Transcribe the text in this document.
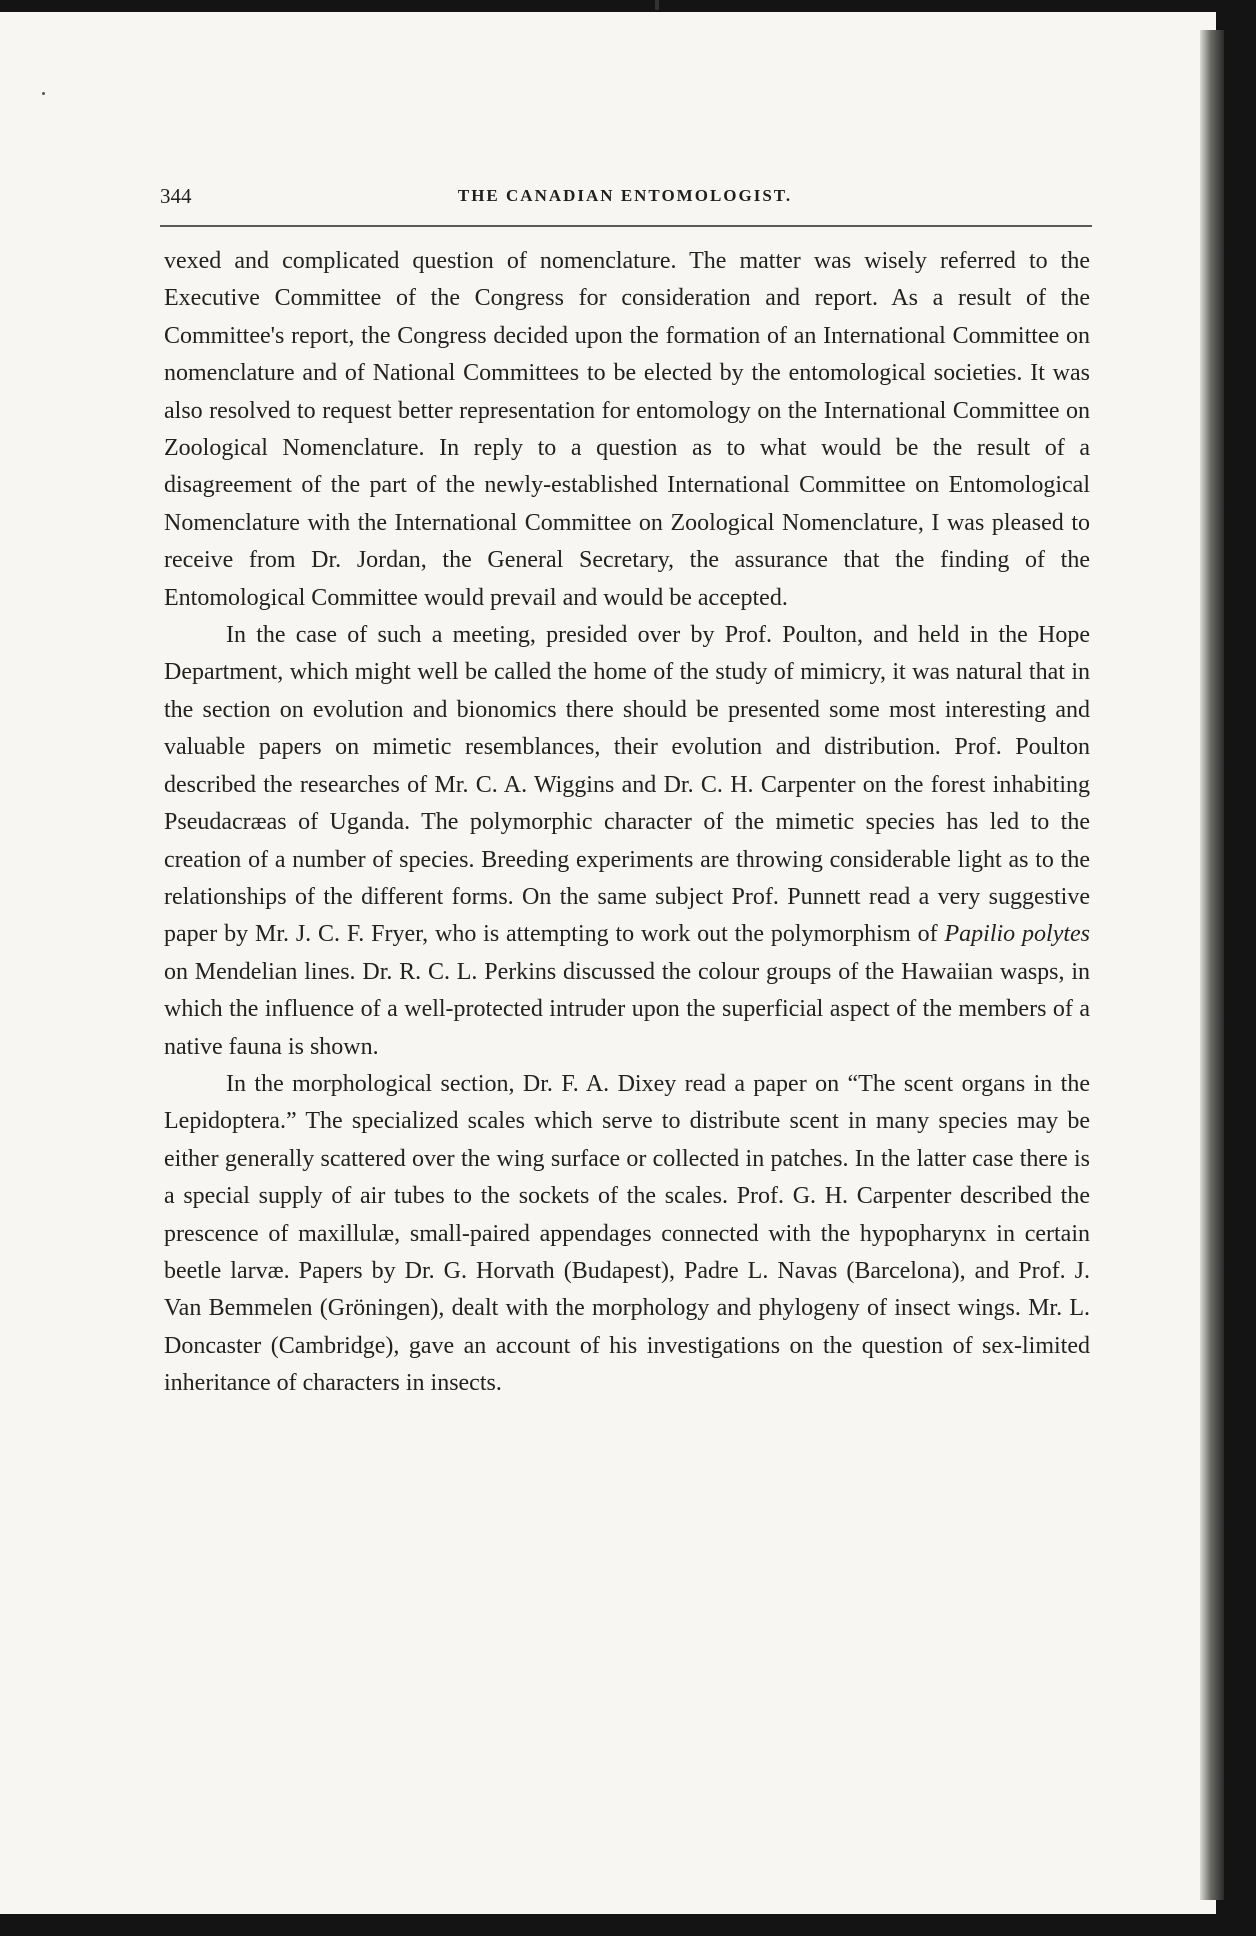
344	THE CANADIAN ENTOMOLOGIST.

vexed and complicated question of nomenclature. The matter was wisely referred to the Executive Committee of the Congress for consideration and report. As a result of the Committee's report, the Congress decided upon the formation of an International Committee on nomenclature and of National Committees to be elected by the entomological societies. It was also resolved to request better representation for entomology on the International Committee on Zoological Nomenclature. In reply to a question as to what would be the result of a disagreement of the part of the newly-established International Committee on Entomological Nomenclature with the International Committee on Zoological Nomenclature, I was pleased to receive from Dr. Jordan, the General Secretary, the assurance that the finding of the Entomological Committee would prevail and would be accepted.

In the case of such a meeting, presided over by Prof. Poulton, and held in the Hope Department, which might well be called the home of the study of mimicry, it was natural that in the section on evolution and bionomics there should be presented some most interesting and valuable papers on mimetic resemblances, their evolution and distribution. Prof. Poulton described the researches of Mr. C. A. Wiggins and Dr. C. H. Carpenter on the forest inhabiting Pseudacræas of Uganda. The polymorphic character of the mimetic species has led to the creation of a number of species. Breeding experiments are throwing considerable light as to the relationships of the different forms. On the same subject Prof. Punnett read a very suggestive paper by Mr. J. C. F. Fryer, who is attempting to work out the polymorphism of Papilio polytes on Mendelian lines. Dr. R. C. L. Perkins discussed the colour groups of the Hawaiian wasps, in which the influence of a well-protected intruder upon the superficial aspect of the members of a native fauna is shown.

In the morphological section, Dr. F. A. Dixey read a paper on “The scent organs in the Lepidoptera.” The specialized scales which serve to distribute scent in many species may be either generally scattered over the wing surface or collected in patches. In the latter case there is a special supply of air tubes to the sockets of the scales. Prof. G. H. Carpenter described the prescence of maxillulæ, small-paired appendages connected with the hypopharynx in certain beetle larvæ. Papers by Dr. G. Horvath (Budapest), Padre L. Navas (Barcelona), and Prof. J. Van Bemmelen (Gröningen), dealt with the morphology and phylogeny of insect wings. Mr. L. Doncaster (Cambridge), gave an account of his investigations on the question of sex-limited inheritance of characters in insects.
